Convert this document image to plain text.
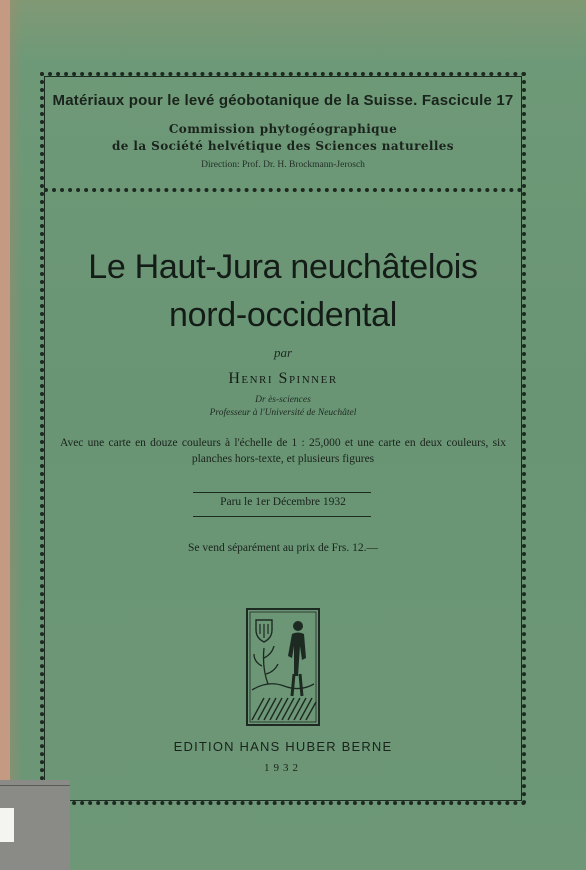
Matériaux pour le levé géobotanique de la Suisse. Fascicule 17
Commission phytogéographique
de la Société helvétique des Sciences naturelles
Direction: Prof. Dr. H. Brockmann-Jerosch
Le Haut-Jura neuchâtelois
nord-occidental
par
Henri Spinner
Dr ès-sciences
Professeur à l'Université de Neuchâtel
Avec une carte en douze couleurs à l'échelle de 1 : 25,000 et une carte en deux couleurs, six planches hors-texte, et plusieurs figures
Paru le 1er Décembre 1932
Se vend séparément au prix de Frs. 12.—
EDITION HANS HUBER BERNE
1932
